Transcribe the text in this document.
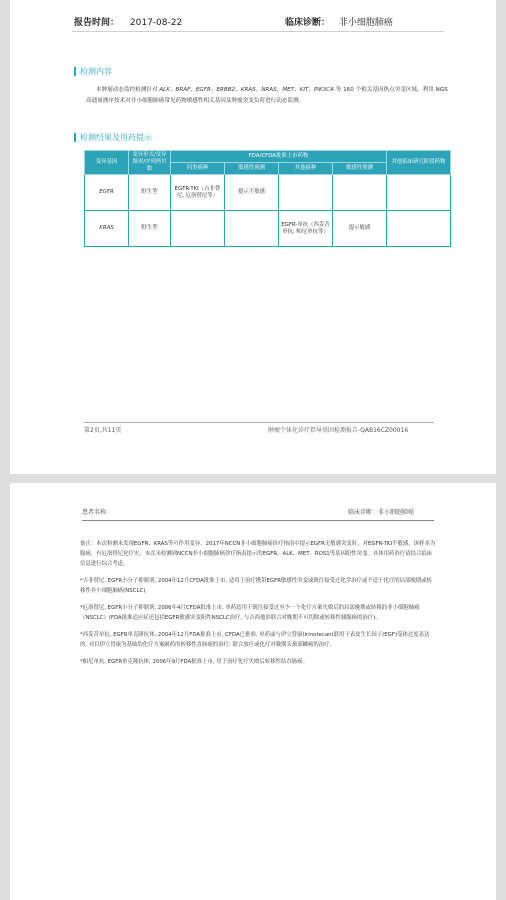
报告时间： 2017-08-22	临床诊断： 非小细胞肺癌
检测内容
本肿瘤动态监控检测针对 ALK、BRAF、EGFR、ERBB2、KRAS、NRAS、MET、KIT、PIK3CA 等 160 个相关基因热点突变区域，利用 NGS 高通量测序技术对非小细胞肺癌常见药物敏感性相关基因及肿瘤突变负荷进行动态监测。
检测结果及用药提示
变异基因	变异形式/变异频率/序列拷贝数	FDA/CFDA批准上市药物				其他临床研究阶段药物
		同类癌种	敏感性预测	其他癌种	敏感性预测	
EGFR	野生型	EGFR-TKI（吉非替尼, 厄洛替尼等）	提示不敏感			
KRAS	野生型			EGFR-单抗（西妥昔单抗, 帕尼单抗等）	提示敏感	
第2页,共11页	肿瘤个体化诊疗指导基因检测报告-QAB16CZ00016
患者名称：	临床诊断：非小细胞肺癌

备注：本次检测未发现EGFR、KRAS等可作用变异。2017年NCCN非小细胞肺癌诊疗指南中提示EGFR无敏感突变时，对EGFR-TKI不敏感。该样本为腺癌，有厄洛替尼化疗史，本次未检测到NCCN非小细胞肺癌诊疗指南提示的EGFR、ALK、MET、ROS1等基因阳性突变。具体用药治疗请结合临床信息进行综合考虑。

*吉非替尼, EGFR小分子抑制剂, 2004年12月CFDA批准上市, 适用于治疗携带EGFR敏感性突变或既往接受过化学治疗或不适于化疗的局部晚期或转移性非小细胞肺癌(NSCLC)。

*厄洛替尼, EGFR小分子抑制剂, 2006年4月CFDA批准上市, 单药适用于既往接受过至少一个化疗方案失败后的局部晚期或转移的非小细胞肺癌（NSCLC）(FDA批准适应症还包括EGFR敏感突变阳性NSCLC治疗, 与吉西他滨联合对晚期不可切除或转移性胰腺癌的治疗)。

*西妥昔单抗, EGFR单克隆抗体, 2004年12月FDA批准上市, CFDA已批准, 单药或与伊立替康(irinotecan)联用于表皮生长因子(EGF)受体过度表达的, 对以伊立替康为基础的化疗方案耐药的转移性直肠癌的治疗; 联合放疗或化疗对晚期头颈部鳞癌的治疗。

*帕尼单抗, EGFR单克隆抗体, 2006年9月FDA批准上市, 用于治疗化疗失败后转移性结直肠癌。
